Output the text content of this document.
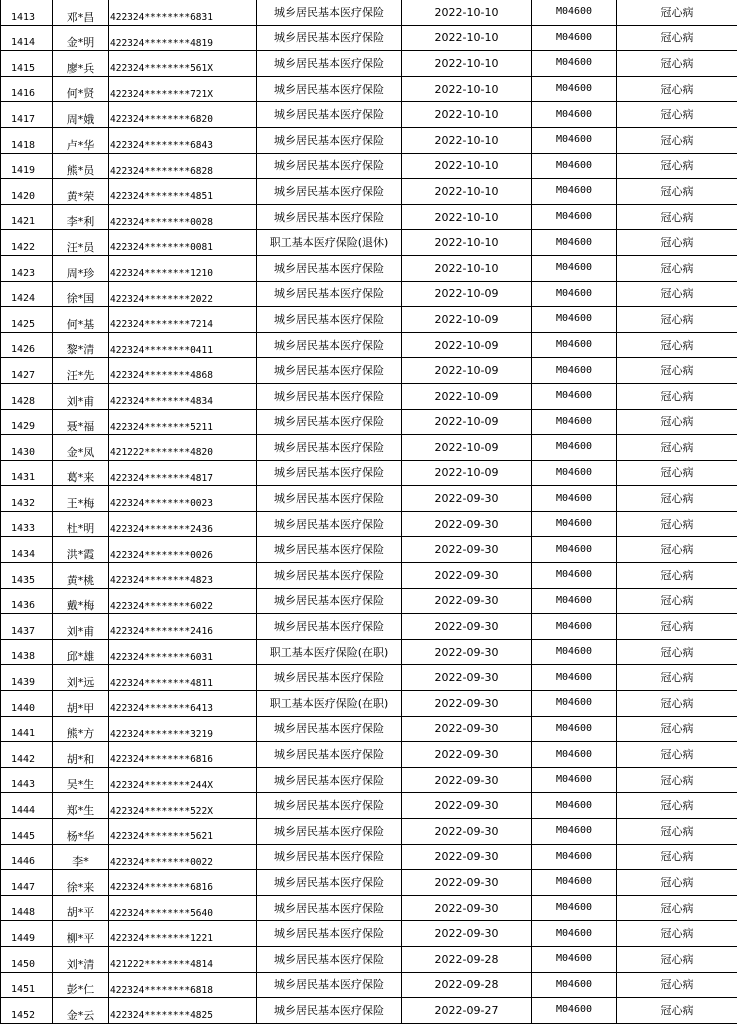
1413	邓*昌	422324********6831	城乡居民基本医疗保险	2022-10-10	M04600	冠心病
1414	金*明	422324********4819	城乡居民基本医疗保险	2022-10-10	M04600	冠心病
1415	廖*兵	422324********561X	城乡居民基本医疗保险	2022-10-10	M04600	冠心病
1416	何*贤	422324********721X	城乡居民基本医疗保险	2022-10-10	M04600	冠心病
1417	周*娥	422324********6820	城乡居民基本医疗保险	2022-10-10	M04600	冠心病
1418	卢*华	422324********6843	城乡居民基本医疗保险	2022-10-10	M04600	冠心病
1419	熊*员	422324********6828	城乡居民基本医疗保险	2022-10-10	M04600	冠心病
1420	黄*荣	422324********4851	城乡居民基本医疗保险	2022-10-10	M04600	冠心病
1421	李*利	422324********0028	城乡居民基本医疗保险	2022-10-10	M04600	冠心病
1422	汪*员	422324********0081	职工基本医疗保险(退休)	2022-10-10	M04600	冠心病
1423	周*珍	422324********1210	城乡居民基本医疗保险	2022-10-10	M04600	冠心病
1424	徐*国	422324********2022	城乡居民基本医疗保险	2022-10-09	M04600	冠心病
1425	何*基	422324********7214	城乡居民基本医疗保险	2022-10-09	M04600	冠心病
1426	黎*清	422324********0411	城乡居民基本医疗保险	2022-10-09	M04600	冠心病
1427	汪*先	422324********4868	城乡居民基本医疗保险	2022-10-09	M04600	冠心病
1428	刘*甫	422324********4834	城乡居民基本医疗保险	2022-10-09	M04600	冠心病
1429	聂*福	422324********5211	城乡居民基本医疗保险	2022-10-09	M04600	冠心病
1430	金*凤	421222********4820	城乡居民基本医疗保险	2022-10-09	M04600	冠心病
1431	葛*来	422324********4817	城乡居民基本医疗保险	2022-10-09	M04600	冠心病
1432	王*梅	422324********0023	城乡居民基本医疗保险	2022-09-30	M04600	冠心病
1433	杜*明	422324********2436	城乡居民基本医疗保险	2022-09-30	M04600	冠心病
1434	洪*霞	422324********0026	城乡居民基本医疗保险	2022-09-30	M04600	冠心病
1435	黄*桃	422324********4823	城乡居民基本医疗保险	2022-09-30	M04600	冠心病
1436	戴*梅	422324********6022	城乡居民基本医疗保险	2022-09-30	M04600	冠心病
1437	刘*甫	422324********2416	城乡居民基本医疗保险	2022-09-30	M04600	冠心病
1438	邱*雄	422324********6031	职工基本医疗保险(在职)	2022-09-30	M04600	冠心病
1439	刘*远	422324********4811	城乡居民基本医疗保险	2022-09-30	M04600	冠心病
1440	胡*甲	422324********6413	职工基本医疗保险(在职)	2022-09-30	M04600	冠心病
1441	熊*方	422324********3219	城乡居民基本医疗保险	2022-09-30	M04600	冠心病
1442	胡*和	422324********6816	城乡居民基本医疗保险	2022-09-30	M04600	冠心病
1443	吴*生	422324********244X	城乡居民基本医疗保险	2022-09-30	M04600	冠心病
1444	郑*生	422324********522X	城乡居民基本医疗保险	2022-09-30	M04600	冠心病
1445	杨*华	422324********5621	城乡居民基本医疗保险	2022-09-30	M04600	冠心病
1446	李*	422324********0022	城乡居民基本医疗保险	2022-09-30	M04600	冠心病
1447	徐*来	422324********6816	城乡居民基本医疗保险	2022-09-30	M04600	冠心病
1448	胡*平	422324********5640	城乡居民基本医疗保险	2022-09-30	M04600	冠心病
1449	柳*平	422324********1221	城乡居民基本医疗保险	2022-09-30	M04600	冠心病
1450	刘*清	421222********4814	城乡居民基本医疗保险	2022-09-28	M04600	冠心病
1451	彭*仁	422324********6818	城乡居民基本医疗保险	2022-09-28	M04600	冠心病
1452	金*云	422324********4825	城乡居民基本医疗保险	2022-09-27	M04600	冠心病
